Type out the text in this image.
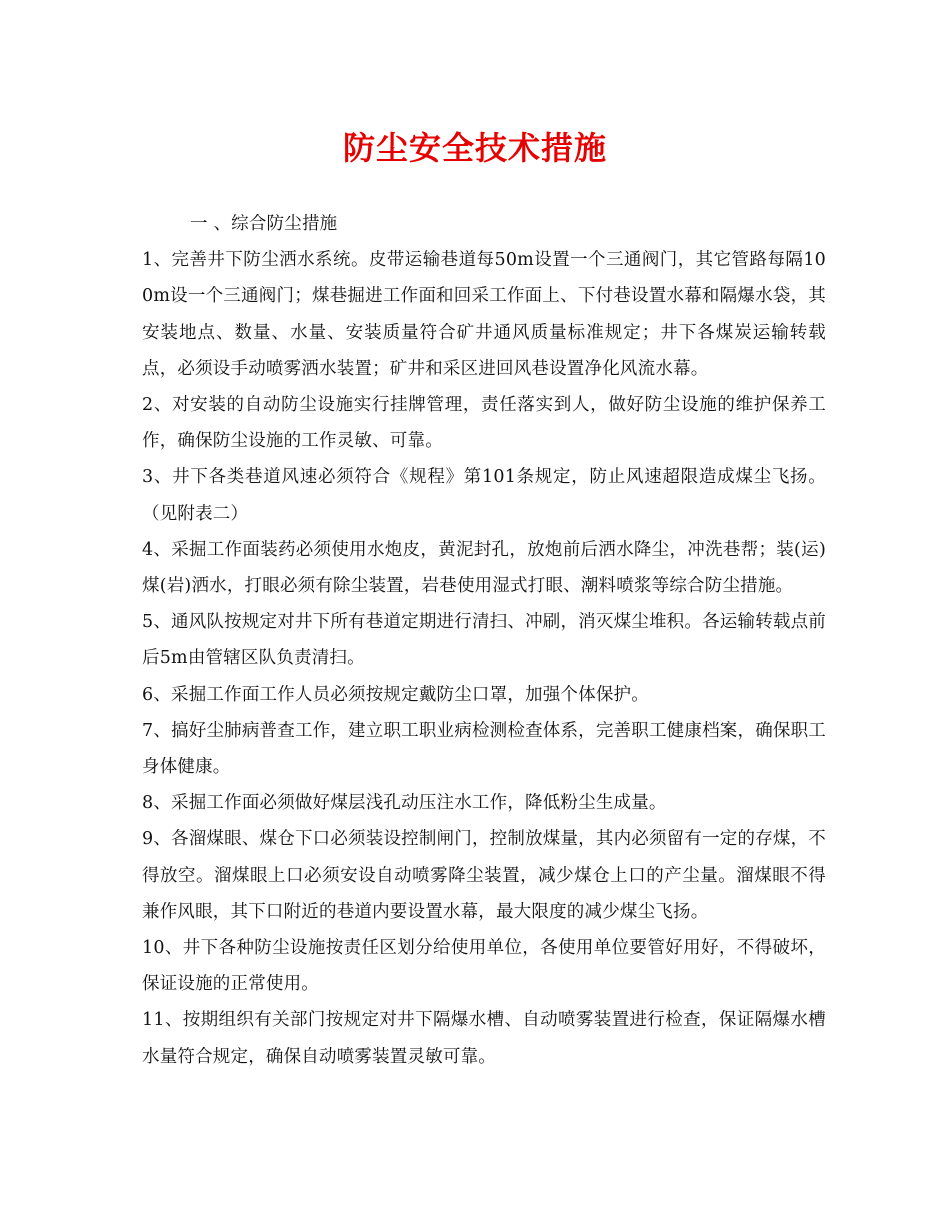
防尘安全技术措施
一 、综合防尘措施

1、完善井下防尘洒水系统。皮带运输巷道每50m设置一个三通阀门，其它管路每隔100m设一个三通阀门；煤巷掘进工作面和回采工作面上、下付巷设置水幕和隔爆水袋，其安装地点、数量、水量、安装质量符合矿井通风质量标准规定；井下各煤炭运输转载点，必须设手动喷雾洒水装置；矿井和采区进回风巷设置净化风流水幕。

2、对安装的自动防尘设施实行挂牌管理，责任落实到人，做好防尘设施的维护保养工作，确保防尘设施的工作灵敏、可靠。

3、井下各类巷道风速必须符合《规程》第101条规定，防止风速超限造成煤尘飞扬。（见附表二）

4、采掘工作面装药必须使用水炮皮，黄泥封孔，放炮前后洒水降尘，冲洗巷帮；装(运)煤(岩)洒水，打眼必须有除尘装置，岩巷使用湿式打眼、潮料喷浆等综合防尘措施。

5、通风队按规定对井下所有巷道定期进行清扫、冲刷，消灭煤尘堆积。各运输转载点前后5m由管辖区队负责清扫。

6、采掘工作面工作人员必须按规定戴防尘口罩，加强个体保护。

7、搞好尘肺病普查工作，建立职工职业病检测检查体系，完善职工健康档案，确保职工身体健康。

8、采掘工作面必须做好煤层浅孔动压注水工作，降低粉尘生成量。

9、各溜煤眼、煤仓下口必须装设控制闸门，控制放煤量，其内必须留有一定的存煤，不得放空。溜煤眼上口必须安设自动喷雾降尘装置，减少煤仓上口的产尘量。溜煤眼不得兼作风眼，其下口附近的巷道内要设置水幕，最大限度的减少煤尘飞扬。

10、井下各种防尘设施按责任区划分给使用单位，各使用单位要管好用好，不得破坏，保证设施的正常使用。

11、按期组织有关部门按规定对井下隔爆水槽、自动喷雾装置进行检查，保证隔爆水槽水量符合规定，确保自动喷雾装置灵敏可靠。
